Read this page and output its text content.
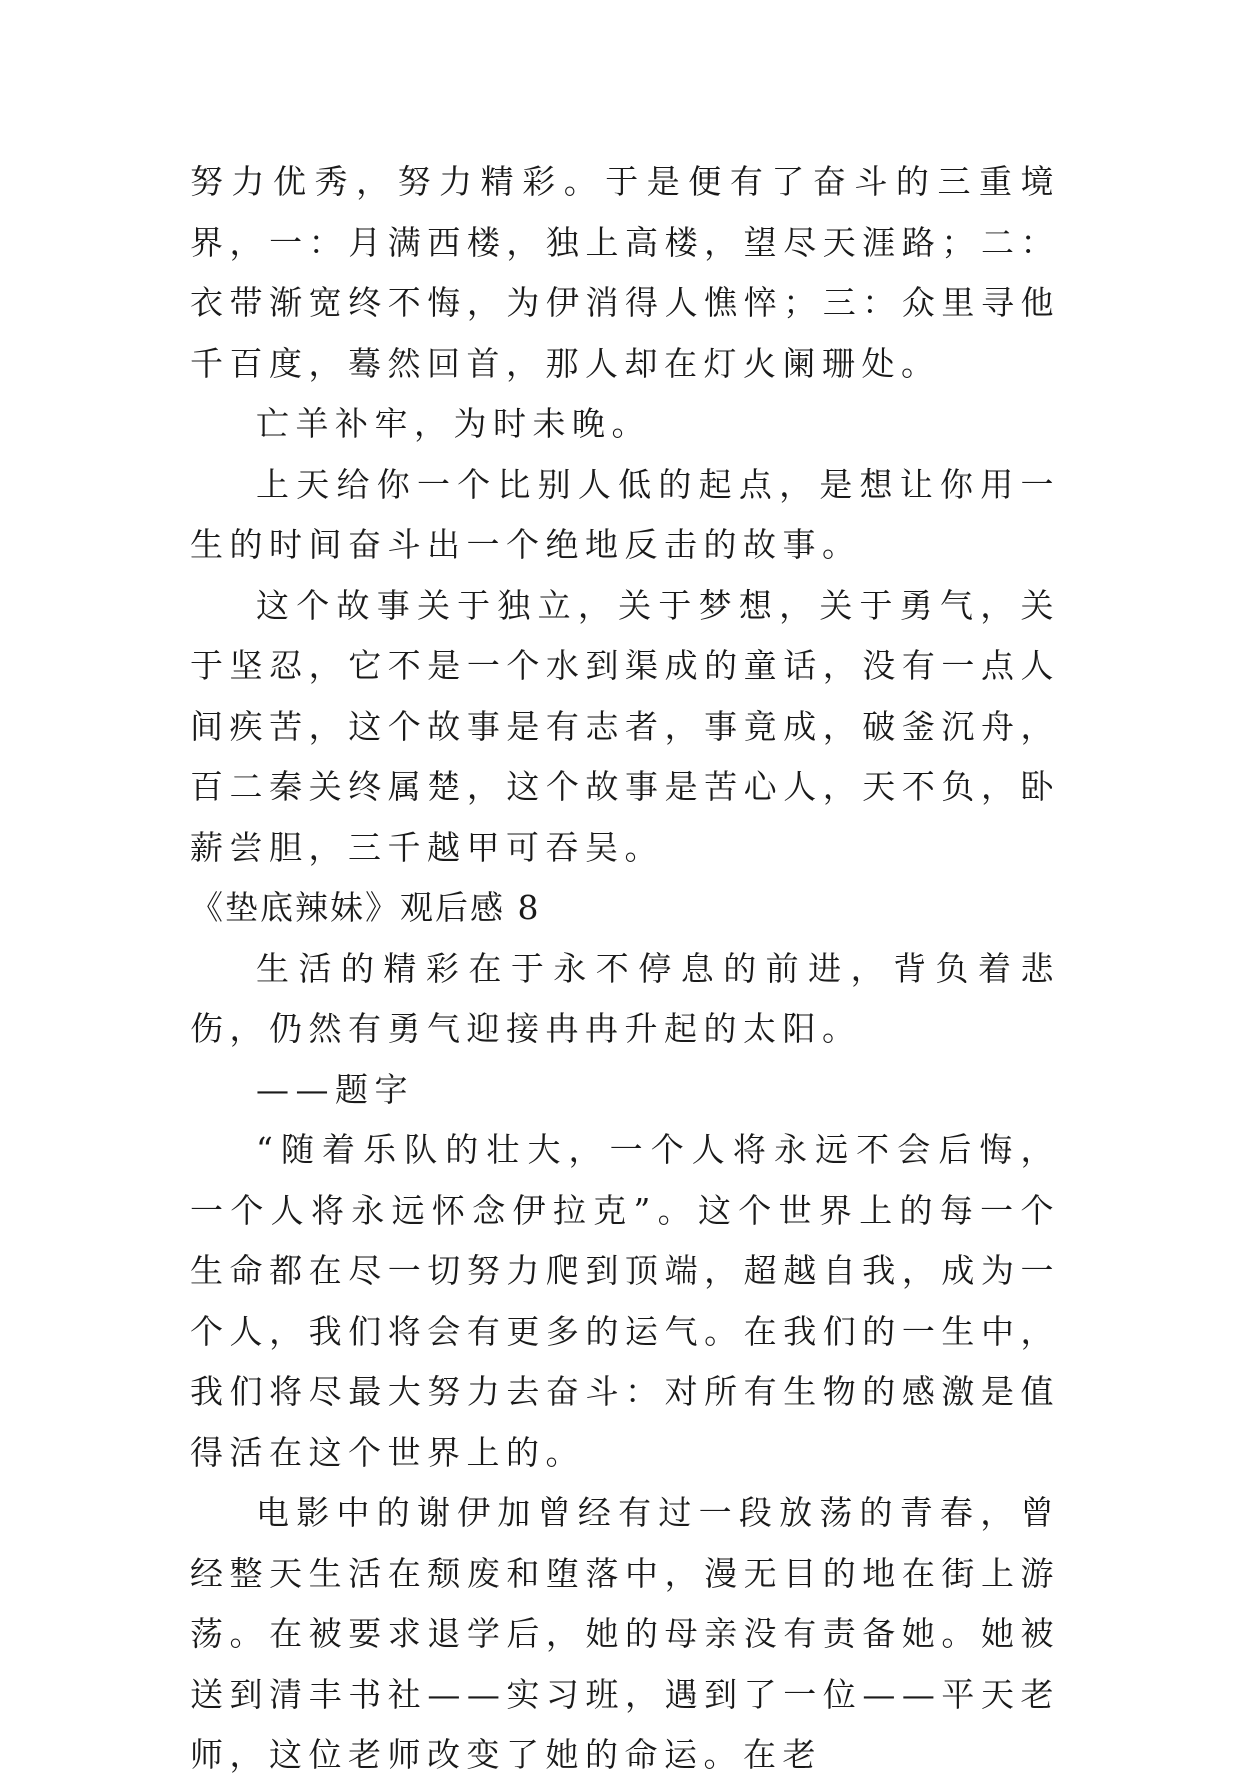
努力优秀，努力精彩。于是便有了奋斗的三重境界，一：月满西楼，独上高楼，望尽天涯路；二：衣带渐宽终不悔，为伊消得人憔悴；三：众里寻他千百度，蓦然回首，那人却在灯火阑珊处。

亡羊补牢，为时未晚。

上天给你一个比别人低的起点，是想让你用一生的时间奋斗出一个绝地反击的故事。

这个故事关于独立，关于梦想，关于勇气，关于坚忍，它不是一个水到渠成的童话，没有一点人间疾苦，这个故事是有志者，事竟成，破釜沉舟，百二秦关终属楚，这个故事是苦心人，天不负，卧薪尝胆，三千越甲可吞吴。

《垫底辣妹》观后感 8

生活的精彩在于永不停息的前进，背负着悲伤，仍然有勇气迎接冉冉升起的太阳。

——题字

“随着乐队的壮大，一个人将永远不会后悔，一个人将永远怀念伊拉克”。这个世界上的每一个生命都在尽一切努力爬到顶端，超越自我，成为一个人，我们将会有更多的运气。在我们的一生中，我们将尽最大努力去奋斗：对所有生物的感激是值得活在这个世界上的。

电影中的谢伊加曾经有过一段放荡的青春，曾经整天生活在颓废和堕落中，漫无目的地在街上游荡。在被要求退学后，她的母亲没有责备她。她被送到清丰书社——实习班，遇到了一位——平天老师，这位老师改变了她的命运。在老
